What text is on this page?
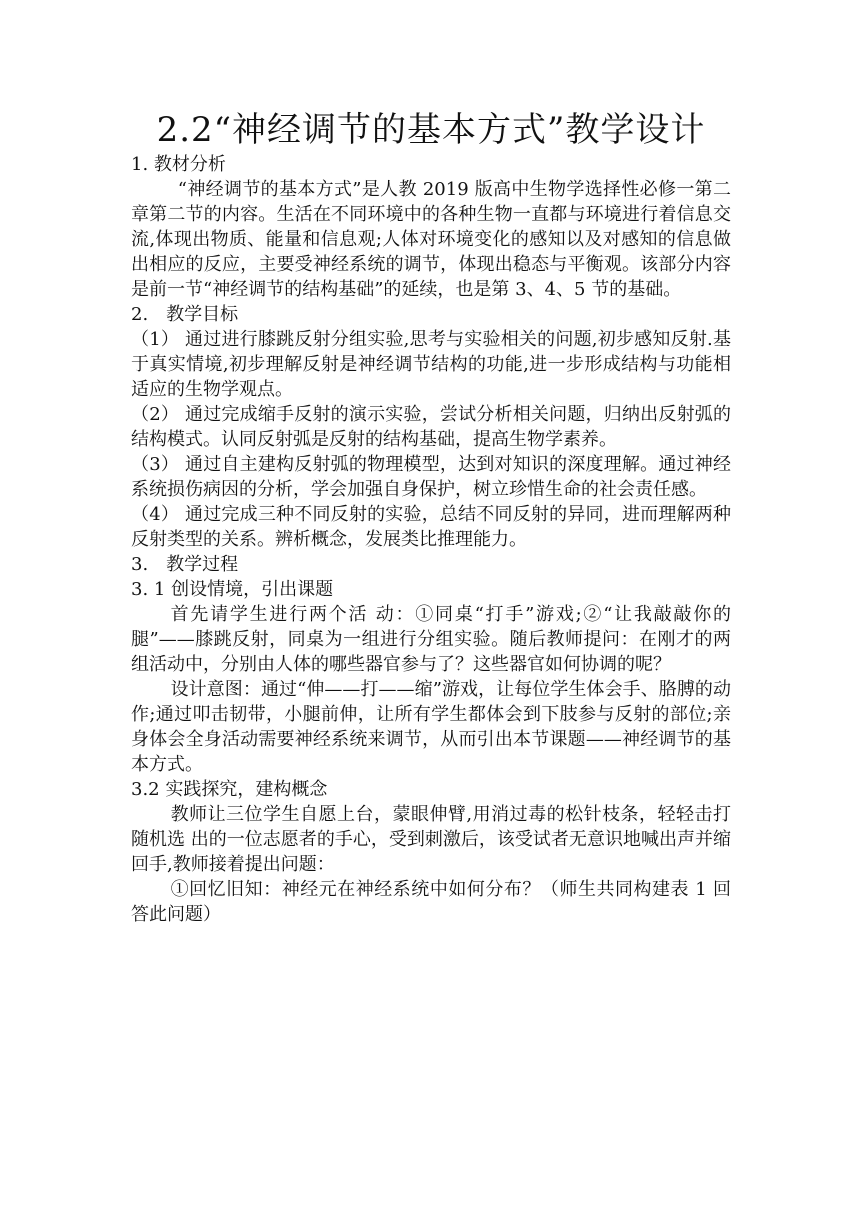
2.2“神经调节的基本方式”教学设计

1. 教材分析

“神经调节的基本方式”是人教 2019 版高中生物学选择性必修一第二章第二节的内容。生活在不同环境中的各种生物一直都与环境进行着信息交流,体现出物质、能量和信息观;人体对环境变化的感知以及对感知的信息做出相应的反应，主要受神经系统的调节，体现出稳态与平衡观。该部分内容是前一节“神经调节的结构基础”的延续，也是第 3、4、5 节的基础。

2.　教学目标

（1） 通过进行膝跳反射分组实验,思考与实验相关的问题,初步感知反射.基于真实情境,初步理解反射是神经调节结构的功能,进一步形成结构与功能相适应的生物学观点。

（2） 通过完成缩手反射的演示实验，尝试分析相关问题，归纳出反射弧的结构模式。认同反射弧是反射的结构基础，提高生物学素养。

（3） 通过自主建构反射弧的物理模型，达到对知识的深度理解。通过神经系统损伤病因的分析，学会加强自身保护，树立珍惜生命的社会责任感。

（4） 通过完成三种不同反射的实验，总结不同反射的异同，进而理解两种反射类型的关系。辨析概念，发展类比推理能力。

3.　教学过程

3. 1 创设情境，引出课题

首先请学生进行两个活 动：①同桌“打手”游戏;②“让我敲敲你的腿”——膝跳反射，同桌为一组进行分组实验。随后教师提问：在刚才的两组活动中，分别由人体的哪些器官参与了？这些器官如何协调的呢？

设计意图：通过“伸——打——缩”游戏，让每位学生体会手、胳膊的动作;通过叩击韧带，小腿前伸，让所有学生都体会到下肢参与反射的部位;亲身体会全身活动需要神经系统来调节，从而引出本节课题——神经调节的基本方式。

3.2 实践探究，建构概念

教师让三位学生自愿上台，蒙眼伸臂,用消过毒的松针枝条，轻轻击打随机选 出的一位志愿者的手心，受到刺激后，该受试者无意识地喊出声并缩回手,教师接着提出问题：

①回忆旧知：神经元在神经系统中如何分布？（师生共同构建表 1 回答此问题）
